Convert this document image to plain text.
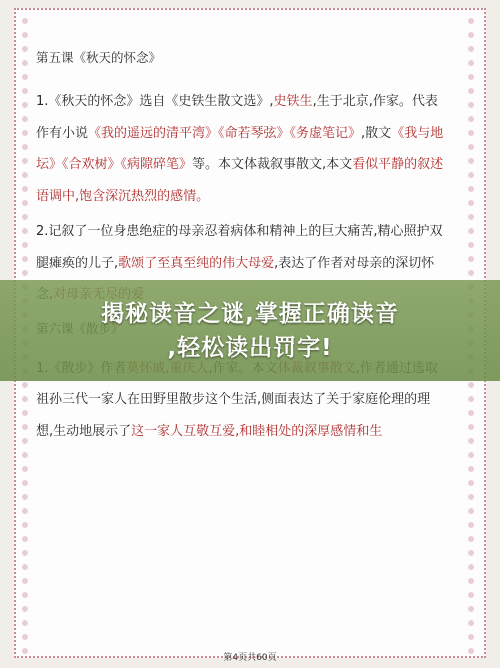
第五课《秋天的怀念》

1.《秋天的怀念》选自《史铁生散文选》,史铁生,生于北京,作家。代表作有小说《我的遥远的清平湾》《命若琴弦》《务虚笔记》,散文《我与地坛》《合欢树》《病隙碎笔》等。本文体裁叙事散文,本文看似平静的叙述语调中,饱含深沉热烈的感情。

2.记叙了一位身患绝症的母亲忍着病体和精神上的巨大痛苦,精心照护双腿瘫痪的儿子,歌颂了至真至纯的伟大母爱,表达了作者对母亲的深切怀

祖孙三代一家人在田野里散步这个生活,侧面表达了关于家庭伦理的理想,生动地展示了这一家人互敬互爱,和睦相处的深厚感情和生

揭秘读音之谜,掌握正确读音
,轻松读出罚字!
第4页共60页
